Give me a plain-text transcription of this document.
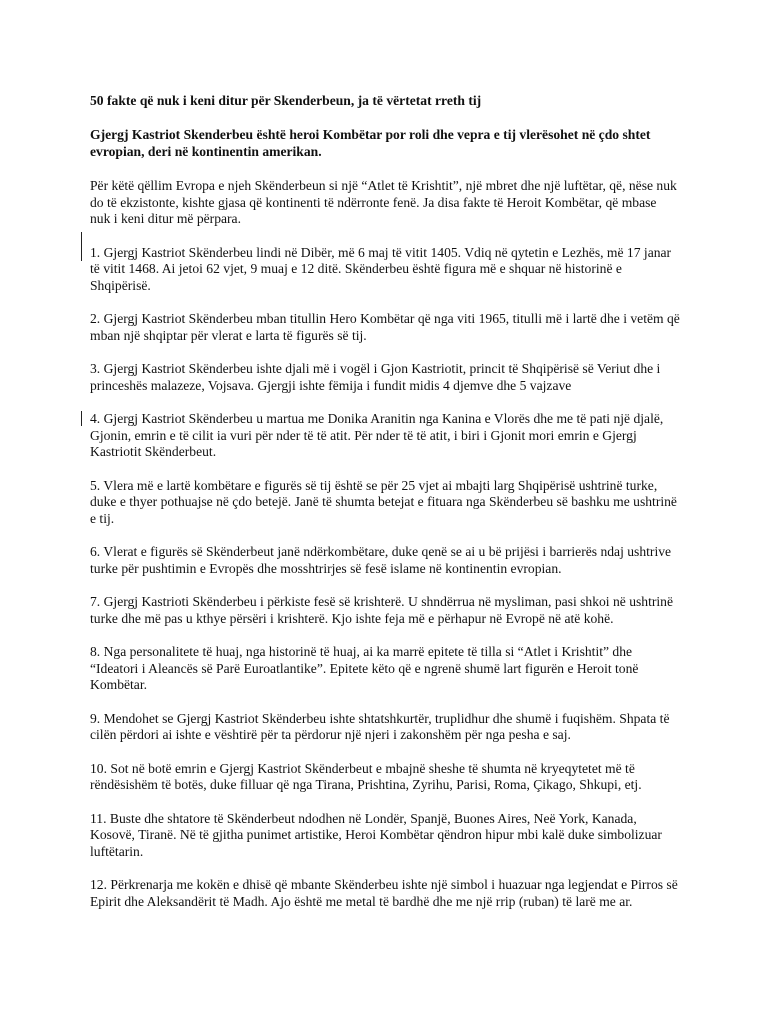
50 fakte që nuk i keni ditur për Skenderbeun, ja të vërtetat rreth tij

Gjergj Kastriot Skenderbeu është heroi Kombëtar por roli dhe vepra e tij vlerësohet në çdo shtet evropian, deri në kontinentin amerikan.

Për këtë qëllim Evropa e njeh Skënderbeun si një “Atlet të Krishtit”, një mbret dhe një luftëtar, që, nëse nuk do të ekzistonte, kishte gjasa që kontinenti të ndërronte fenë. Ja disa fakte të Heroit Kombëtar, që mbase nuk i keni ditur më përpara.

1. Gjergj Kastriot Skënderbeu lindi në Dibër, më 6 maj të vitit 1405. Vdiq në qytetin e Lezhës, më 17 janar të vitit 1468. Ai jetoi 62 vjet, 9 muaj e 12 ditë. Skënderbeu është figura më e shquar në historinë e Shqipërisë.

2. Gjergj Kastriot Skënderbeu mban titullin Hero Kombëtar që nga viti 1965, titulli më i lartë dhe i vetëm që mban një shqiptar për vlerat e larta të figurës së tij.

3. Gjergj Kastriot Skënderbeu ishte djali më i vogël i Gjon Kastriotit, princit të Shqipërisë së Veriut dhe i princeshës malazeze, Vojsava. Gjergji ishte fëmija i fundit midis 4 djemve dhe 5 vajzave

4. Gjergj Kastriot Skënderbeu u martua me Donika Aranitin nga Kanina e Vlorës dhe me të pati një djalë, Gjonin, emrin e të cilit ia vuri për nder të të atit. Për nder të të atit, i biri i Gjonit mori emrin e Gjergj Kastriotit Skënderbeut.

5. Vlera më e lartë kombëtare e figurës së tij është se për 25 vjet ai mbajti larg Shqipërisë ushtrinë turke, duke e thyer pothuajse në çdo betejë. Janë të shumta betejat e fituara nga Skënderbeu së bashku me ushtrinë e tij.

6. Vlerat e figurës së Skënderbeut janë ndërkombëtare, duke qenë se ai u bë prijësi i barrierës ndaj ushtrive turke për pushtimin e Evropës dhe mosshtrirjes së fesë islame në kontinentin evropian.

7. Gjergj Kastrioti Skënderbeu i përkiste fesë së krishterë. U shndërrua në mysliman, pasi shkoi në ushtrinë turke dhe më pas u kthye përsëri i krishterë. Kjo ishte feja më e përhapur në Evropë në atë kohë.

8. Nga personalitete të huaj, nga historinë të huaj, ai ka marrë epitete të tilla si “Atlet i Krishtit” dhe “Ideatori i Aleancës së Parë Euroatlantike”. Epitete këto që e ngrenë shumë lart figurën e Heroit tonë Kombëtar.

9. Mendohet se Gjergj Kastriot Skënderbeu ishte shtatshkurtër, truplidhur dhe shumë i fuqishëm. Shpata të cilën përdori ai ishte e vështirë për ta përdorur një njeri i zakonshëm për nga pesha e saj.

10. Sot në botë emrin e Gjergj Kastriot Skënderbeut e mbajnë sheshe të shumta në kryeqytetet më të rëndësishëm të botës, duke filluar që nga Tirana, Prishtina, Zyrihu, Parisi, Roma, Çikago, Shkupi, etj.

11. Buste dhe shtatore të Skënderbeut ndodhen në Londër, Spanjë, Buones Aires, Neë York, Kanada, Kosovë, Tiranë. Në të gjitha punimet artistike, Heroi Kombëtar qëndron hipur mbi kalë duke simbolizuar luftëtarin.

12. Përkrenarja me kokën e dhisë që mbante Skënderbeu ishte një simbol i huazuar nga legjendat e Pirros së Epirit dhe Aleksandërit të Madh. Ajo është me metal të bardhë dhe me një rrip (ruban) të larë me ar.
